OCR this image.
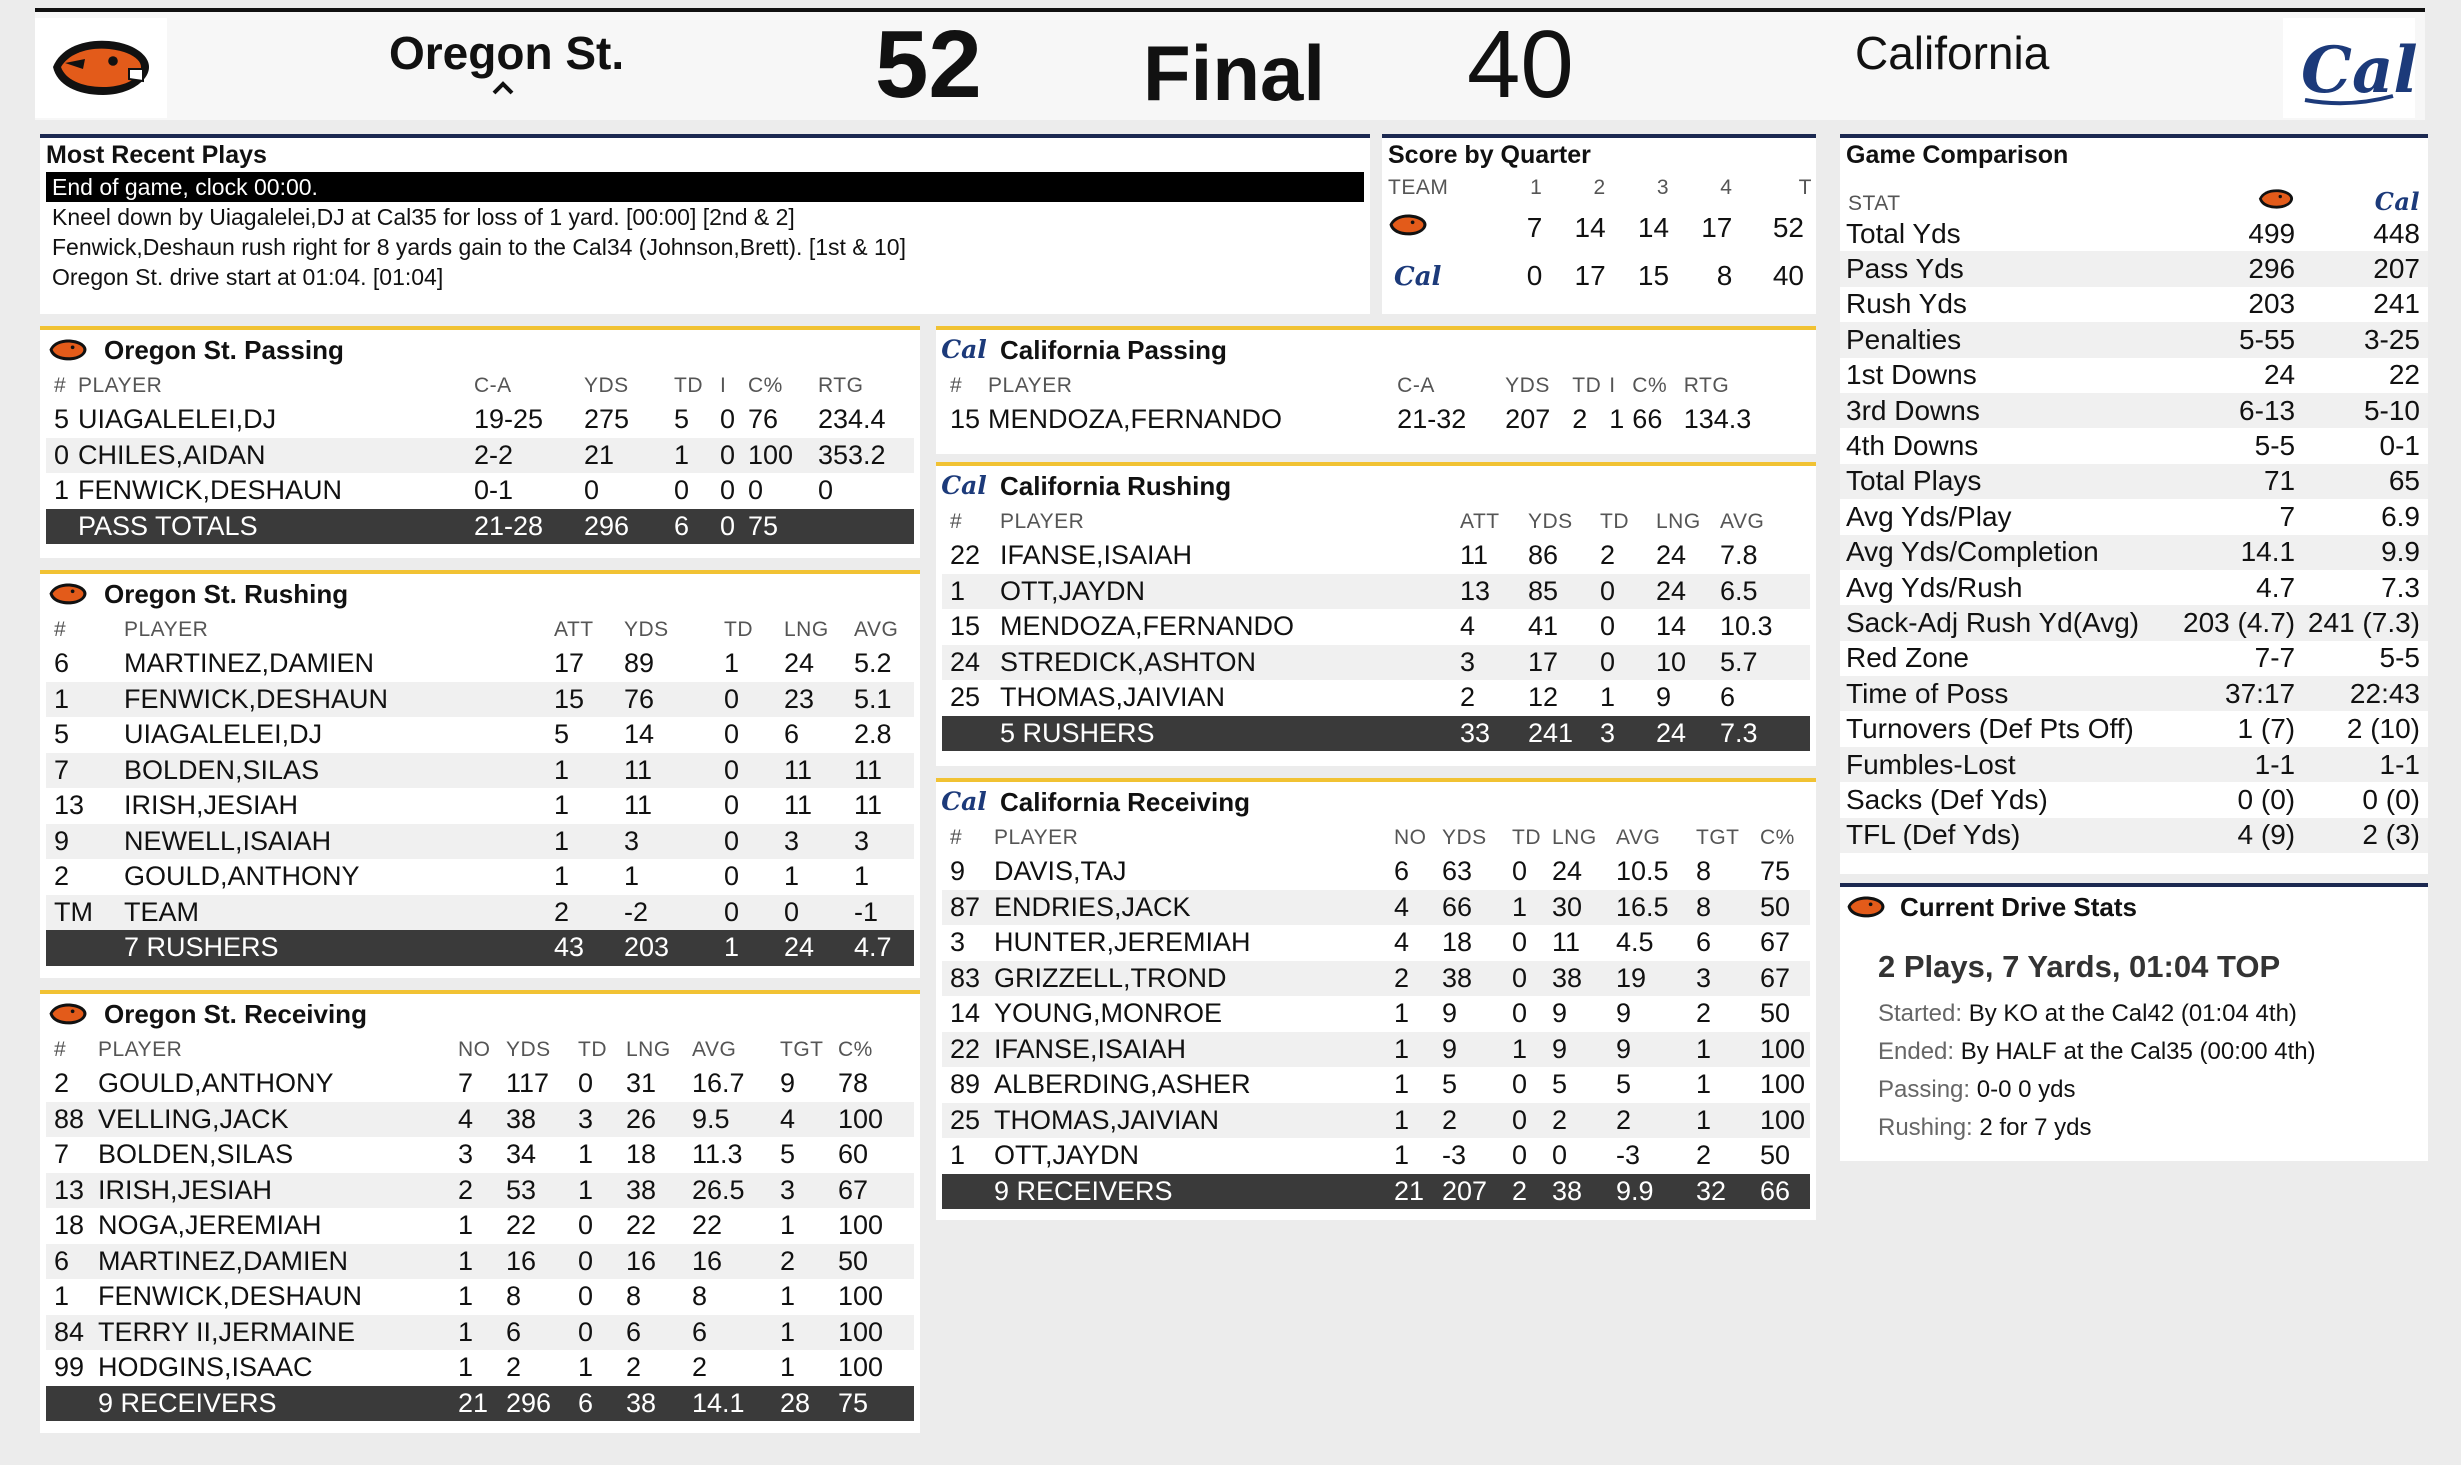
Oregon St.	52 Final 40	California	Cal
Most Recent Plays
End of game, clock 00:00.
Kneel down by Uiagalelei,DJ at Cal35 for loss of 1 yard. [00:00] [2nd & 2]
Fenwick,Deshaun rush right for 8 yards gain to the Cal34 (Johnson,Brett). [1st & 10]
Oregon St. drive start at 01:04. [01:04]
Score by Quarter
TEAM	1	2	3	4	T
	7	14	14	17	52
Cal	0	17	15	8	40
Game Comparison
STAT		Cal
Total Yds	499	448
Pass Yds	296	207
Rush Yds	203	241
Penalties	5-55	3-25
1st Downs	24	22
3rd Downs	6-13	5-10
4th Downs	5-5	0-1
Total Plays	71	65
Avg Yds/Play	7	6.9
Avg Yds/Completion	14.1	9.9
Avg Yds/Rush	4.7	7.3
Sack-Adj Rush Yd(Avg)	203 (4.7)	241 (7.3)
Red Zone	7-7	5-5
Time of Poss	37:17	22:43
Turnovers (Def Pts Off)	1 (7)	2 (10)
Fumbles-Lost	1-1	1-1
Sacks (Def Yds)	0 (0)	0 (0)
TFL (Def Yds)	4 (9)	2 (3)
Current Drive Stats
2 Plays, 7 Yards, 01:04 TOP
Started: By KO at the Cal42 (01:04 4th)
Ended: By HALF at the Cal35 (00:00 4th)
Passing: 0-0 0 yds
Rushing: 2 for 7 yds
Oregon St. Passing
#	PLAYER	C-A	YDS	TD	I	C%	RTG
5	UIAGALELEI,DJ	19-25	275	5	0	76	234.4
0	CHILES,AIDAN	2-2	21	1	0	100	353.2
1	FENWICK,DESHAUN	0-1	0	0	0	0	0
	PASS TOTALS	21-28	296	6	0	75	
Oregon St. Rushing
#	PLAYER	ATT	YDS	TD	LNG	AVG
6	MARTINEZ,DAMIEN	17	89	1	24	5.2
1	FENWICK,DESHAUN	15	76	0	23	5.1
5	UIAGALELEI,DJ	5	14	0	6	2.8
7	BOLDEN,SILAS	1	11	0	11	11
13	IRISH,JESIAH	1	11	0	11	11
9	NEWELL,ISAIAH	1	3	0	3	3
2	GOULD,ANTHONY	1	1	0	1	1
TM	TEAM	2	-2	0	0	-1
	7 RUSHERS	43	203	1	24	4.7
Oregon St. Receiving
#	PLAYER	NO	YDS	TD	LNG	AVG	TGT	C%
2	GOULD,ANTHONY	7	117	0	31	16.7	9	78
88	VELLING,JACK	4	38	3	26	9.5	4	100
7	BOLDEN,SILAS	3	34	1	18	11.3	5	60
13	IRISH,JESIAH	2	53	1	38	26.5	3	67
18	NOGA,JEREMIAH	1	22	0	22	22	1	100
6	MARTINEZ,DAMIEN	1	16	0	16	16	2	50
1	FENWICK,DESHAUN	1	8	0	8	8	1	100
84	TERRY II,JERMAINE	1	6	0	6	6	1	100
99	HODGINS,ISAAC	1	2	1	2	2	1	100
	9 RECEIVERS	21	296	6	38	14.1	28	75
Cal California Passing
#	PLAYER	C-A	YDS	TD	I	C%	RTG
15	MENDOZA,FERNANDO	21-32	207	2	1	66	134.3
Cal California Rushing
#	PLAYER	ATT	YDS	TD	LNG	AVG
22	IFANSE,ISAIAH	11	86	2	24	7.8
1	OTT,JAYDN	13	85	0	24	6.5
15	MENDOZA,FERNANDO	4	41	0	14	10.3
24	STREDICK,ASHTON	3	17	0	10	5.7
25	THOMAS,JAIVIAN	2	12	1	9	6
	5 RUSHERS	33	241	3	24	7.3
Cal California Receiving
#	PLAYER	NO	YDS	TD	LNG	AVG	TGT	C%
9	DAVIS,TAJ	6	63	0	24	10.5	8	75
87	ENDRIES,JACK	4	66	1	30	16.5	8	50
3	HUNTER,JEREMIAH	4	18	0	11	4.5	6	67
83	GRIZZELL,TROND	2	38	0	38	19	3	67
14	YOUNG,MONROE	1	9	0	9	9	2	50
22	IFANSE,ISAIAH	1	9	1	9	9	1	100
89	ALBERDING,ASHER	1	5	0	5	5	1	100
25	THOMAS,JAIVIAN	1	2	0	2	2	1	100
1	OTT,JAYDN	1	-3	0	0	-3	2	50
	9 RECEIVERS	21	207	2	38	9.9	32	66
